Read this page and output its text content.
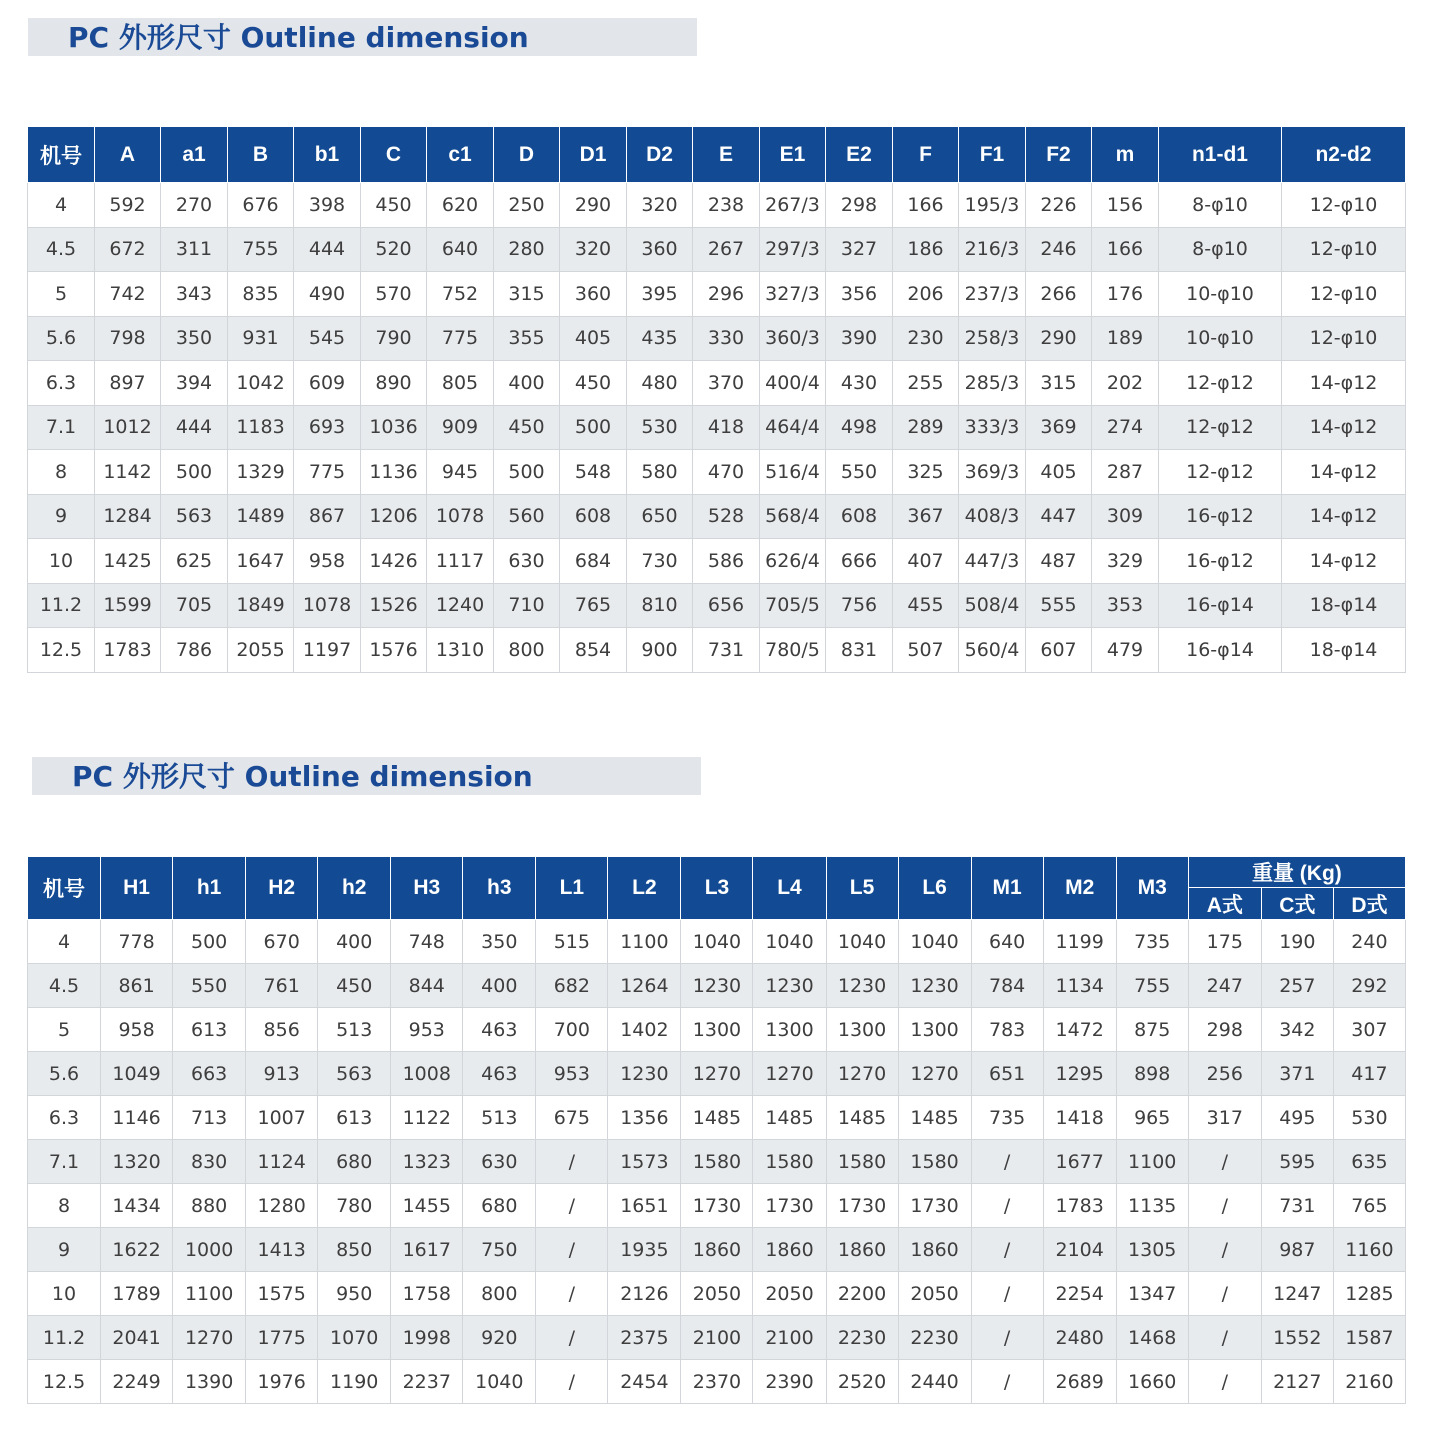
PC 外形尺寸 Outline dimension
机号	A	a1	B	b1	C	c1	D	D1	D2	E	E1	E2	F	F1	F2	m	n1-d1	n2-d2
4	592	270	676	398	450	620	250	290	320	238	267/3	298	166	195/3	226	156	8-φ10	12-φ10
4.5	672	311	755	444	520	640	280	320	360	267	297/3	327	186	216/3	246	166	8-φ10	12-φ10
5	742	343	835	490	570	752	315	360	395	296	327/3	356	206	237/3	266	176	10-φ10	12-φ10
5.6	798	350	931	545	790	775	355	405	435	330	360/3	390	230	258/3	290	189	10-φ10	12-φ10
6.3	897	394	1042	609	890	805	400	450	480	370	400/4	430	255	285/3	315	202	12-φ12	14-φ12
7.1	1012	444	1183	693	1036	909	450	500	530	418	464/4	498	289	333/3	369	274	12-φ12	14-φ12
8	1142	500	1329	775	1136	945	500	548	580	470	516/4	550	325	369/3	405	287	12-φ12	14-φ12
9	1284	563	1489	867	1206	1078	560	608	650	528	568/4	608	367	408/3	447	309	16-φ12	14-φ12
10	1425	625	1647	958	1426	1117	630	684	730	586	626/4	666	407	447/3	487	329	16-φ12	14-φ12
11.2	1599	705	1849	1078	1526	1240	710	765	810	656	705/5	756	455	508/4	555	353	16-φ14	18-φ14
12.5	1783	786	2055	1197	1576	1310	800	854	900	731	780/5	831	507	560/4	607	479	16-φ14	18-φ14
PC 外形尺寸 Outline dimension
机号	H1	h1	H2	h2	H3	h3	L1	L2	L3	L4	L5	L6	M1	M2	M3	重量 (Kg)		
																A式	C式	D式
4	778	500	670	400	748	350	515	1100	1040	1040	1040	1040	640	1199	735	175	190	240
4.5	861	550	761	450	844	400	682	1264	1230	1230	1230	1230	784	1134	755	247	257	292
5	958	613	856	513	953	463	700	1402	1300	1300	1300	1300	783	1472	875	298	342	307
5.6	1049	663	913	563	1008	463	953	1230	1270	1270	1270	1270	651	1295	898	256	371	417
6.3	1146	713	1007	613	1122	513	675	1356	1485	1485	1485	1485	735	1418	965	317	495	530
7.1	1320	830	1124	680	1323	630	/	1573	1580	1580	1580	1580	/	1677	1100	/	595	635
8	1434	880	1280	780	1455	680	/	1651	1730	1730	1730	1730	/	1783	1135	/	731	765
9	1622	1000	1413	850	1617	750	/	1935	1860	1860	1860	1860	/	2104	1305	/	987	1160
10	1789	1100	1575	950	1758	800	/	2126	2050	2050	2200	2050	/	2254	1347	/	1247	1285
11.2	2041	1270	1775	1070	1998	920	/	2375	2100	2100	2230	2230	/	2480	1468	/	1552	1587
12.5	2249	1390	1976	1190	2237	1040	/	2454	2370	2390	2520	2440	/	2689	1660	/	2127	2160
